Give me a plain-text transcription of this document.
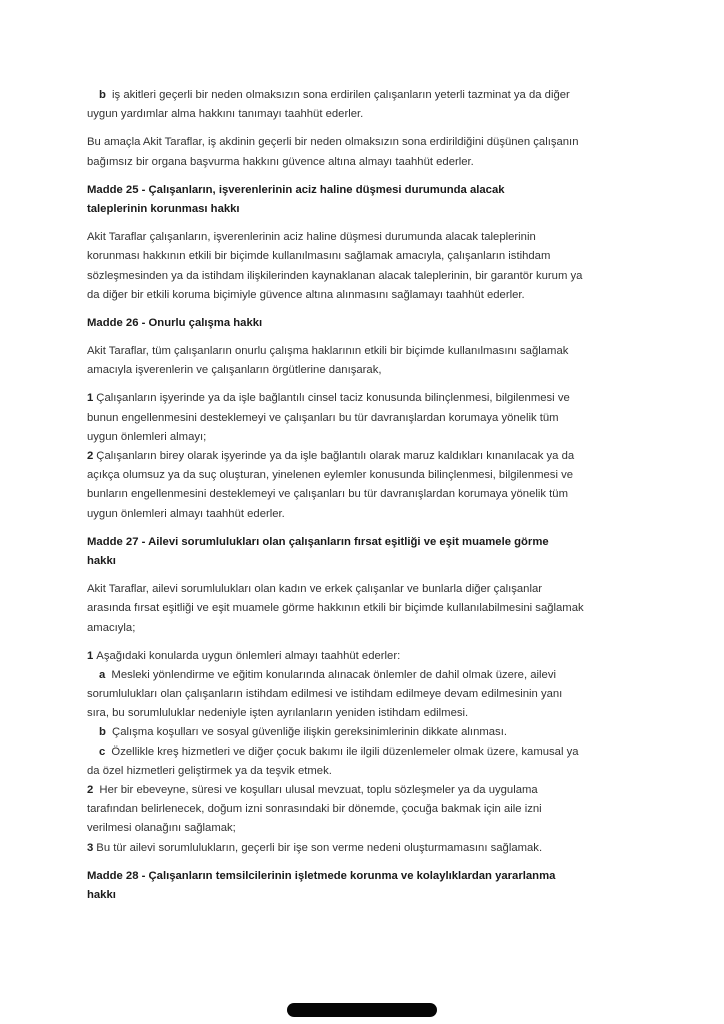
b iş akitleri geçerli bir neden olmaksızın sona erdirilen çalışanların yeterli tazminat ya da diğer
uygun yardımlar alma hakkını tanımayı taahhüt ederler.
Bu amaçla Akit Taraflar, iş akdinin geçerli bir neden olmaksızın sona erdirildiğini düşünen çalışanın
bağımsız bir organa başvurma hakkını güvence altına almayı taahhüt ederler.
Madde 25 - Çalışanların, işverenlerinin aciz haline düşmesi durumunda alacak
taleplerinin korunması hakkı
Akit Taraflar çalışanların, işverenlerinin aciz haline düşmesi durumunda alacak taleplerinin
korunması hakkının etkili bir biçimde kullanılmasını sağlamak amacıyla, çalışanların istihdam
sözleşmesinden ya da istihdam ilişkilerinden kaynaklanan alacak taleplerinin, bir garantör kurum ya
da diğer bir etkili koruma biçimiyle güvence altına alınmasını sağlamayı taahhüt ederler.
Madde 26 - Onurlu çalışma hakkı
Akit Taraflar, tüm çalışanların onurlu çalışma haklarının etkili bir biçimde kullanılmasını sağlamak
amacıyla işverenlerin ve çalışanların örgütlerine danışarak,
1 Çalışanların işyerinde ya da işle bağlantılı cinsel taciz konusunda bilinçlenmesi, bilgilenmesi ve
bunun engellenmesini desteklemeyi ve çalışanları bu tür davranışlardan korumaya yönelik tüm
uygun önlemleri almayı;
2 Çalışanların birey olarak işyerinde ya da işle bağlantılı olarak maruz kaldıkları kınanılacak ya da
açıkça olumsuz ya da suç oluşturan, yinelenen eylemler konusunda bilinçlenmesi, bilgilenmesi ve
bunların engellenmesini desteklemeyi ve çalışanları bu tür davranışlardan korumaya yönelik tüm
uygun önlemleri almayı taahhüt ederler.
Madde 27 - Ailevi sorumlulukları olan çalışanların fırsat eşitliği ve eşit muamele görme
hakkı
Akit Taraflar, ailevi sorumlulukları olan kadın ve erkek çalışanlar ve bunlarla diğer çalışanlar
arasında fırsat eşitliği ve eşit muamele görme hakkının etkili bir biçimde kullanılabilmesini sağlamak
amacıyla;
1 Aşağıdaki konularda uygun önlemleri almayı taahhüt ederler:
a Mesleki yönlendirme ve eğitim konularında alınacak önlemler de dahil olmak üzere, ailevi
sorumlulukları olan çalışanların istihdam edilmesi ve istihdam edilmeye devam edilmesinin yanı
sıra, bu sorumluluklar nedeniyle işten ayrılanların yeniden istihdam edilmesi.
b Çalışma koşulları ve sosyal güvenliğe ilişkin gereksinimlerinin dikkate alınması.
c Özellikle kreş hizmetleri ve diğer çocuk bakımı ile ilgili düzenlemeler olmak üzere, kamusal ya
da özel hizmetleri geliştirmek ya da teşvik etmek.
2 Her bir ebeveyne, süresi ve koşulları ulusal mevzuat, toplu sözleşmeler ya da uygulama
tarafından belirlenecek, doğum izni sonrasındaki bir dönemde, çocuğa bakmak için aile izni
verilmesi olanağını sağlamak;
3 Bu tür ailevi sorumlulukların, geçerli bir işe son verme nedeni oluşturmamasını sağlamak.
Madde 28 - Çalışanların temsilcilerinin işletmede korunma ve kolaylıklardan yararlanma
hakkı
